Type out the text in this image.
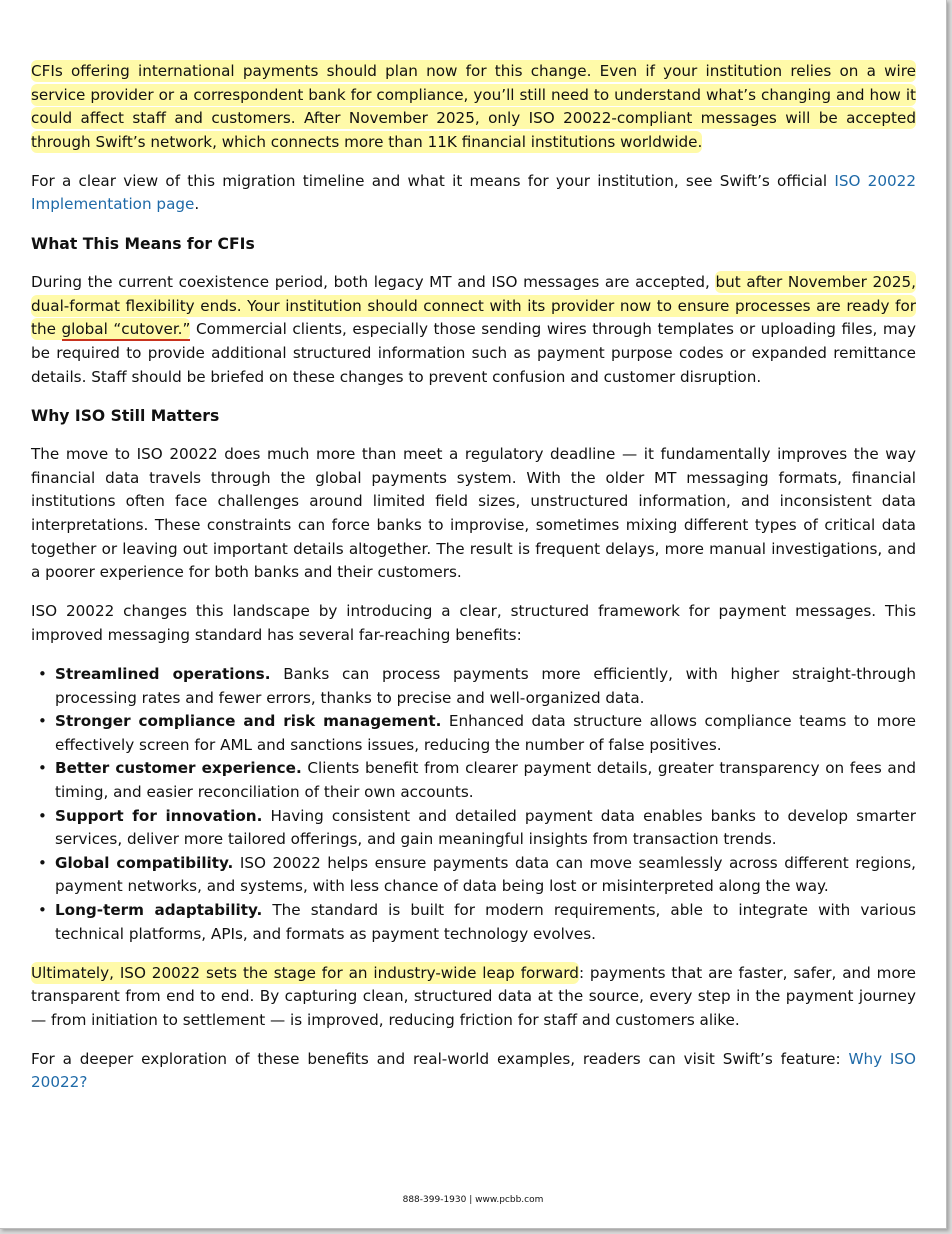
CFIs offering international payments should plan now for this change. Even if your institution relies on a wire service provider or a correspondent bank for compliance, you’ll still need to understand what’s changing and how it could affect staff and customers. After November 2025, only ISO 20022-compliant messages will be accepted through Swift’s network, which connects more than 11K financial institutions worldwide.

For a clear view of this migration timeline and what it means for your institution, see Swift’s official ISO 20022 Implementation page.

What This Means for CFIs

During the current coexistence period, both legacy MT and ISO messages are accepted, but after November 2025, dual-format flexibility ends. Your institution should connect with its provider now to ensure processes are ready for the global “cutover.” Commercial clients, especially those sending wires through templates or uploading files, may be required to provide additional structured information such as payment purpose codes or expanded remittance details. Staff should be briefed on these changes to prevent confusion and customer disruption.

Why ISO Still Matters

The move to ISO 20022 does much more than meet a regulatory deadline — it fundamentally improves the way financial data travels through the global payments system. With the older MT messaging formats, financial institutions often face challenges around limited field sizes, unstructured information, and inconsistent data interpretations. These constraints can force banks to improvise, sometimes mixing different types of critical data together or leaving out important details altogether. The result is frequent delays, more manual investigations, and a poorer experience for both banks and their customers.

ISO 20022 changes this landscape by introducing a clear, structured framework for payment messages. This improved messaging standard has several far-reaching benefits:

• Streamlined operations. Banks can process payments more efficiently, with higher straight-through processing rates and fewer errors, thanks to precise and well-organized data.
• Stronger compliance and risk management. Enhanced data structure allows compliance teams to more effectively screen for AML and sanctions issues, reducing the number of false positives.
• Better customer experience. Clients benefit from clearer payment details, greater transparency on fees and timing, and easier reconciliation of their own accounts.
• Support for innovation. Having consistent and detailed payment data enables banks to develop smarter services, deliver more tailored offerings, and gain meaningful insights from transaction trends.
• Global compatibility. ISO 20022 helps ensure payments data can move seamlessly across different regions, payment networks, and systems, with less chance of data being lost or misinterpreted along the way.
• Long-term adaptability. The standard is built for modern requirements, able to integrate with various technical platforms, APIs, and formats as payment technology evolves.

Ultimately, ISO 20022 sets the stage for an industry-wide leap forward: payments that are faster, safer, and more transparent from end to end. By capturing clean, structured data at the source, every step in the payment journey — from initiation to settlement — is improved, reducing friction for staff and customers alike.

For a deeper exploration of these benefits and real-world examples, readers can visit Swift’s feature: Why ISO 20022?

888-399-1930 | www.pcbb.com
